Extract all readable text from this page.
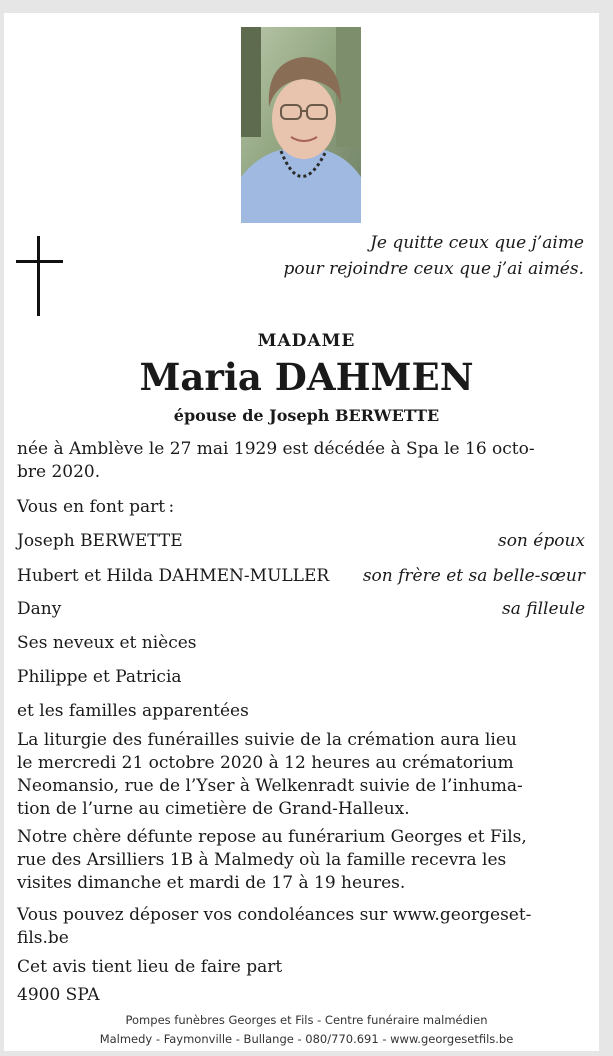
Je quitte ceux que j’aime
pour rejoindre ceux que j’ai aimés.
MADAME
Maria DAHMEN
épouse de Joseph BERWETTE
née à Amblève le 27 mai 1929 est décédée à Spa le 16 octo-
bre 2020.
Vous en font part :
Joseph BERWETTE	son époux
Hubert et Hilda DAHMEN-MULLER son frère et sa belle-sœur
Dany	sa filleule
Ses neveux et nièces
Philippe et Patricia
et les familles apparentées
La liturgie des funérailles suivie de la crémation aura lieu
le mercredi 21 octobre 2020 à 12 heures au crématorium
Neomansio, rue de l’Yser à Welkenradt suivie de l’inhuma-
tion de l’urne au cimetière de Grand-Halleux.
Notre chère défunte repose au funérarium Georges et Fils,
rue des Arsilliers 1B à Malmedy où la famille recevra les
visites dimanche et mardi de 17 à 19 heures.
Vous pouvez déposer vos condoléances sur www.georgeset-
fils.be
Cet avis tient lieu de faire part
4900 SPA
Pompes funèbres Georges et Fils - Centre funéraire malmédien
Malmedy - Faymonville - Bullange - 080/770.691 - www.georgesetfils.be
